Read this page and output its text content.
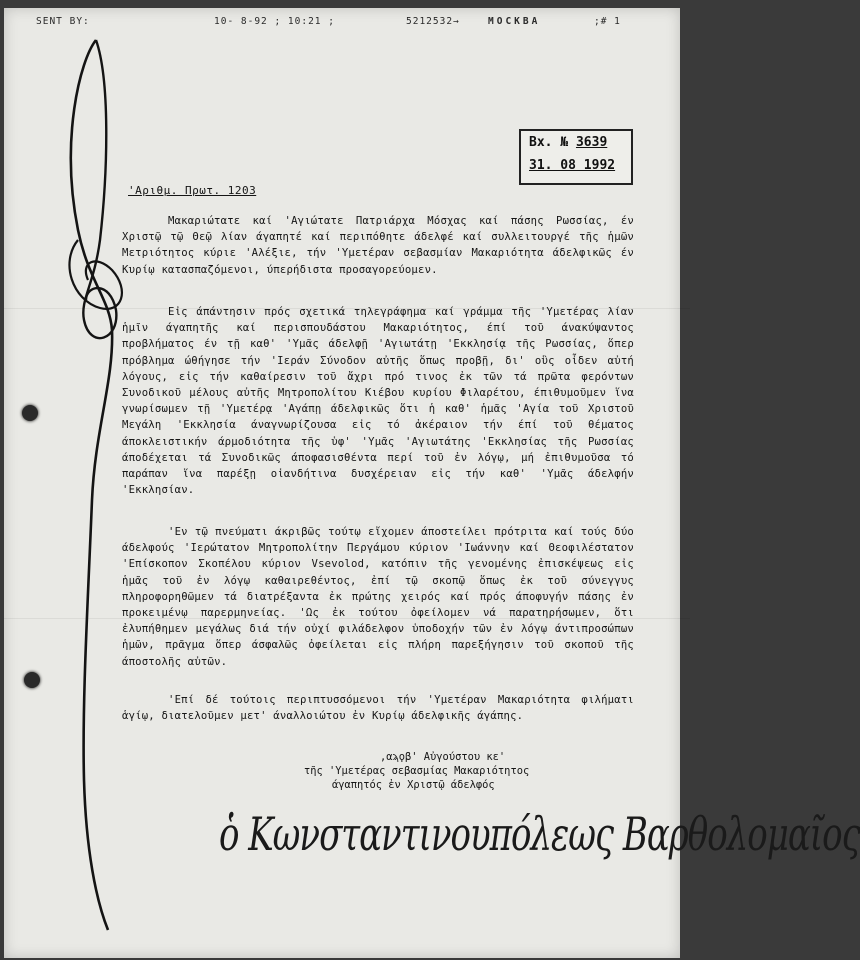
SENT BY:	10- 8-92 ; 10:21 ;	5212532→	MOCKBA	;# 1
Вх. № 3639
31. 08 1992
'Αριθμ. Πρωτ. 1203
Μακαριώτατε καί 'Αγιώτατε Πατριάρχα Μόσχας καί πάσης Ρωσσίας, έν Χριστῷ τῷ Θεῷ λίαν άγαπητέ καί περιπόθητε άδελφέ καί συλλειτουργέ τῆς ἡμῶν Μετριότητος κύριε 'Αλέξιε, τήν 'Υμετέραν σεβασμίαν Μακαριότητα άδελφικῶς έν Κυρίῳ κατασπαζόμενοι, ύπερήδιστα προσαγορεύομεν.
Εἰς άπάντησιν πρός σχετικά τηλεγράφημα καί γράμμα τῆς 'Υμετέρας λίαν ἡμῖν άγαπητῆς καί περισπουδάστου Μακαριότητος, έπί τοῦ άνακύψαντος προβλήματος έν τῇ καθ' 'Υμᾶς άδελφῇ 'Αγιωτάτῃ 'Εκκλησίᾳ τῆς Ρωσσίας, ὅπερ πρόβλημα ώθήγησε τήν 'Ιεράν Σύνοδον αὐτῆς ὅπως προβῇ, δι' οὓς οἶδεν αὐτή λόγους, εἰς τήν καθαίρεσιν τοῦ ἄχρι πρό τινος ἐκ τῶν τά πρῶτα φερόντων Συνοδικοῦ μέλους αὐτῆς Μητροπολίτου Κιέβου κυρίου Φιλαρέτου, έπιθυμοῦμεν ἵνα γνωρίσωμεν τῇ 'Υμετέρᾳ 'Αγάπῃ άδελφικῶς ὅτι ἡ καθ' ἡμᾶς 'Αγία τοῦ Χριστοῦ Μεγάλη 'Εκκλησία άναγνωρίζουσα εἰς τό ἀκέραιον τήν έπί τοῦ θέματος άποκλειστικήν άρμοδιότητα τῆς ὑφ' 'Υμᾶς 'Αγιωτάτης 'Εκκλησίας τῆς Ρωσσίας άποδέχεται τά Συνοδικῶς άποφασισθέντα περί τοῦ ἐν λόγῳ, μή ἐπιθυμοῦσα τό παράπαν ἵνα παρέξῃ οἱανδήτινα δυσχέρειαν εἰς τήν καθ' 'Υμᾶς άδελφήν 'Εκκλησίαν.
'Εν τῷ πνεύματι άκριβῶς τούτῳ εἴχομεν άποστείλει πρότριτα καί τούς δύο άδελφούς 'Ιερώτατον Μητροπολίτην Περγάμου κύριον 'Ιωάννην καί Θεοφιλέστατον 'Επίσκοπον Σκοπέλου κύριον Vsevolod, κατόπιν τῆς γενομένης ἐπισκέψεως εἰς ἡμᾶς τοῦ ἐν λόγῳ καθαιρεθέντος, ἐπί τῷ σκοπῷ ὅπως ἐκ τοῦ σύνεγγυς πληροφορηθῶμεν τά διατρέξαντα ἐκ πρώτης χειρός καί πρός άποφυγήν πάσης ἐν προκειμένῳ παρερμηνείας. 'Ως ἐκ τούτου ὀφείλομεν νά παρατηρήσωμεν, ὅτι ἐλυπήθημεν μεγάλως διά τήν οὐχί φιλάδελφον ὑποδοχήν τῶν ἐν λόγῳ άντιπροσώπων ἡμῶν, πρᾶγμα ὅπερ άσφαλῶς ὀφείλεται εἰς πλήρη παρεξήγησιν τοῦ σκοποῦ τῆς άποστολῆς αὐτῶν.
'Επί δέ τούτοις περιπτυσσόμενοι τήν 'Υμετέραν Μακαριότητα φιλήματι ἁγίῳ, διατελοῦμεν μετ' άναλλοιώτου ἐν Κυρίῳ άδελφικῆς άγάπης.
,αϡϙβ' Αὐγούστου κε'
τῆς 'Υμετέρας σεβασμίας Μακαριότητος
άγαπητός ἐν Χριστῷ άδελφός
ὁ Κωνσταντινουπόλεως Βαρθολομαῖος
